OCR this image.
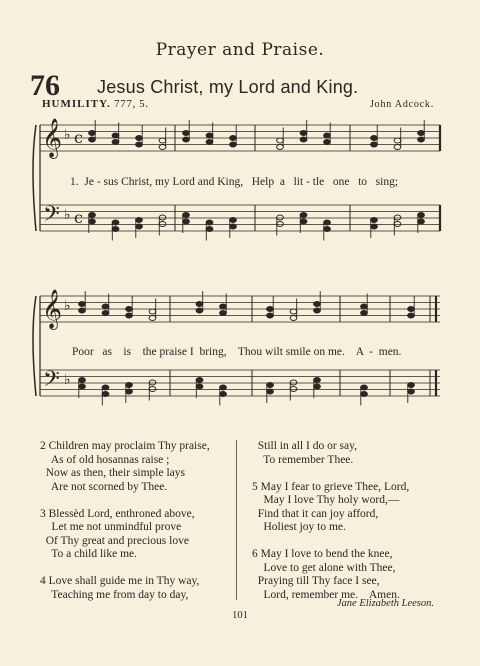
Prayer and Praise.
76 Jesus Christ, my Lord and King.
HUMILITY. 777, 5.	John Adcock.
𝄞 ♭ c
𝄢 ♭ c
𝄞 ♭
𝄢 ♭
1.  Je - sus Christ, my Lord and King,   Help  a   lit - tle   one   to   sing;
Poor   as    is    the praise I  bring,    Thou wilt smile on me.    A  -  men.
2 Children may proclaim Thy praise,
As of old hosannas raise ;
Now as then, their simple lays
Are not scorned by Thee.
3 Blessèd Lord, enthroned above,
Let me not unmindful prove
Of Thy great and precious love
To a child like me.
4 Love shall guide me in Thy way,
Teaching me from day to day,
Still in all I do or say,
To remember Thee.
5 May I fear to grieve Thee, Lord,
May I love Thy holy word,—
Find that it can joy afford,
Holiest joy to me.
6 May I love to bend the knee,
Love to get alone with Thee,
Praying till Thy face I see,
Lord, remember me.    Amen.
Jane Elizabeth Leeson.
101
